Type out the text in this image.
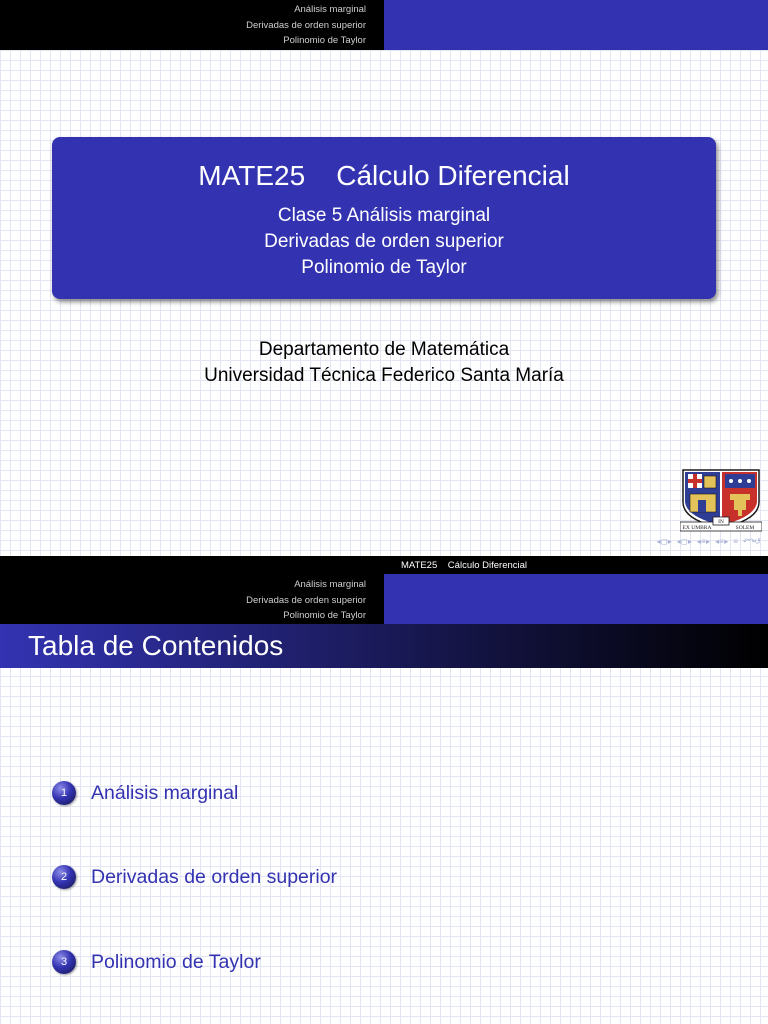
Análisis marginal
Derivadas de orden superior
Polinomio de Taylor
MATE25    Cálculo Diferencial
Clase 5 Análisis marginal
Derivadas de orden superior
Polinomio de Taylor
Departamento de Matemática
Universidad Técnica Federico Santa María
EX UMBRA
IN
SOLEM
◂ ◻ ▸ ◂ ◻ ▸ ◂ ≡ ▸ ◂ ≡ ▸ ≡ ↶↷↺
MATE25    Cálculo Diferencial
Análisis marginal
Derivadas de orden superior
Polinomio de Taylor
Tabla de Contenidos
1	Análisis marginal
2	Derivadas de orden superior
3	Polinomio de Taylor
